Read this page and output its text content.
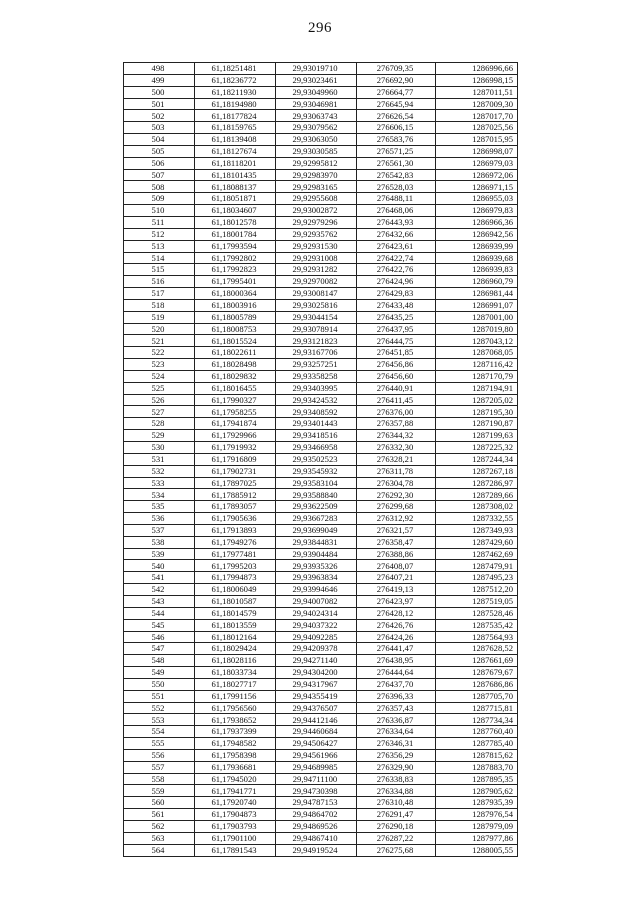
296
498	61,18251481	29,93019710	276709,35	1286996,66
499	61,18236772	29,93023461	276692,90	1286998,15
500	61,18211930	29,93049960	276664,77	1287011,51
501	61,18194980	29,93046981	276645,94	1287009,30
502	61,18177824	29,93063743	276626,54	1287017,70
503	61,18159765	29,93079562	276606,15	1287025,56
504	61,18139408	29,93063050	276583,76	1287015,95
505	61,18127674	29,93030585	276571,25	1286998,07
506	61,18118201	29,92995812	276561,30	1286979,03
507	61,18101435	29,92983970	276542,83	1286972,06
508	61,18088137	29,92983165	276528,03	1286971,15
509	61,18051871	29,92955608	276488,11	1286955,03
510	61,18034607	29,93002872	276468,06	1286979,83
511	61,18012578	29,92979296	276443,93	1286966,36
512	61,18001784	29,92935762	276432,66	1286942,56
513	61,17993594	29,92931530	276423,61	1286939,99
514	61,17992802	29,92931008	276422,74	1286939,68
515	61,17992823	29,92931282	276422,76	1286939,83
516	61,17995401	29,92970082	276424,96	1286960,79
517	61,18000364	29,93008147	276429,83	1286981,44
518	61,18003916	29,93025816	276433,48	1286991,07
519	61,18005789	29,93044154	276435,25	1287001,00
520	61,18008753	29,93078914	276437,95	1287019,80
521	61,18015524	29,93121823	276444,75	1287043,12
522	61,18022611	29,93167706	276451,85	1287068,05
523	61,18028498	29,93257251	276456,86	1287116,42
524	61,18029832	29,93358258	276456,60	1287170,79
525	61,18016455	29,93403995	276440,91	1287194,91
526	61,17990327	29,93424532	276411,45	1287205,02
527	61,17958255	29,93408592	276376,00	1287195,30
528	61,17941874	29,93401443	276357,88	1287190,87
529	61,17929966	29,93418516	276344,32	1287199,63
530	61,17919932	29,93466958	276332,30	1287225,32
531	61,17916809	29,93502523	276328,21	1287244,34
532	61,17902731	29,93545932	276311,78	1287267,18
533	61,17897025	29,93583104	276304,78	1287286,97
534	61,17885912	29,93588840	276292,30	1287289,66
535	61,17893057	29,93622509	276299,68	1287308,02
536	61,17905636	29,93667283	276312,92	1287332,55
537	61,17913893	29,93699049	276321,57	1287349,93
538	61,17949276	29,93844831	276358,47	1287429,60
539	61,17977481	29,93904484	276388,86	1287462,69
540	61,17995203	29,93935326	276408,07	1287479,91
541	61,17994873	29,93963834	276407,21	1287495,23
542	61,18006049	29,93994646	276419,13	1287512,20
543	61,18010587	29,94007082	276423,97	1287519,05
544	61,18014579	29,94024314	276428,12	1287528,46
545	61,18013559	29,94037322	276426,76	1287535,42
546	61,18012164	29,94092285	276424,26	1287564,93
547	61,18029424	29,94209378	276441,47	1287628,52
548	61,18028116	29,94271140	276438,95	1287661,69
549	61,18033734	29,94304200	276444,64	1287679,67
550	61,18027717	29,94317967	276437,70	1287686,86
551	61,17991156	29,94355419	276396,33	1287705,70
552	61,17956560	29,94376507	276357,43	1287715,81
553	61,17938652	29,94412146	276336,87	1287734,34
554	61,17937399	29,94460684	276334,64	1287760,40
555	61,17948582	29,94506427	276346,31	1287785,40
556	61,17958398	29,94561966	276356,29	1287815,62
557	61,17936681	29,94689985	276329,90	1287883,70
558	61,17945020	29,94711100	276338,83	1287895,35
559	61,17941771	29,94730398	276334,88	1287905,62
560	61,17920740	29,94787153	276310,48	1287935,39
561	61,17904873	29,94864702	276291,47	1287976,54
562	61,17903793	29,94869526	276290,18	1287979,09
563	61,17901100	29,94867410	276287,22	1287977,86
564	61,17891543	29,94919524	276275,68	1288005,55
